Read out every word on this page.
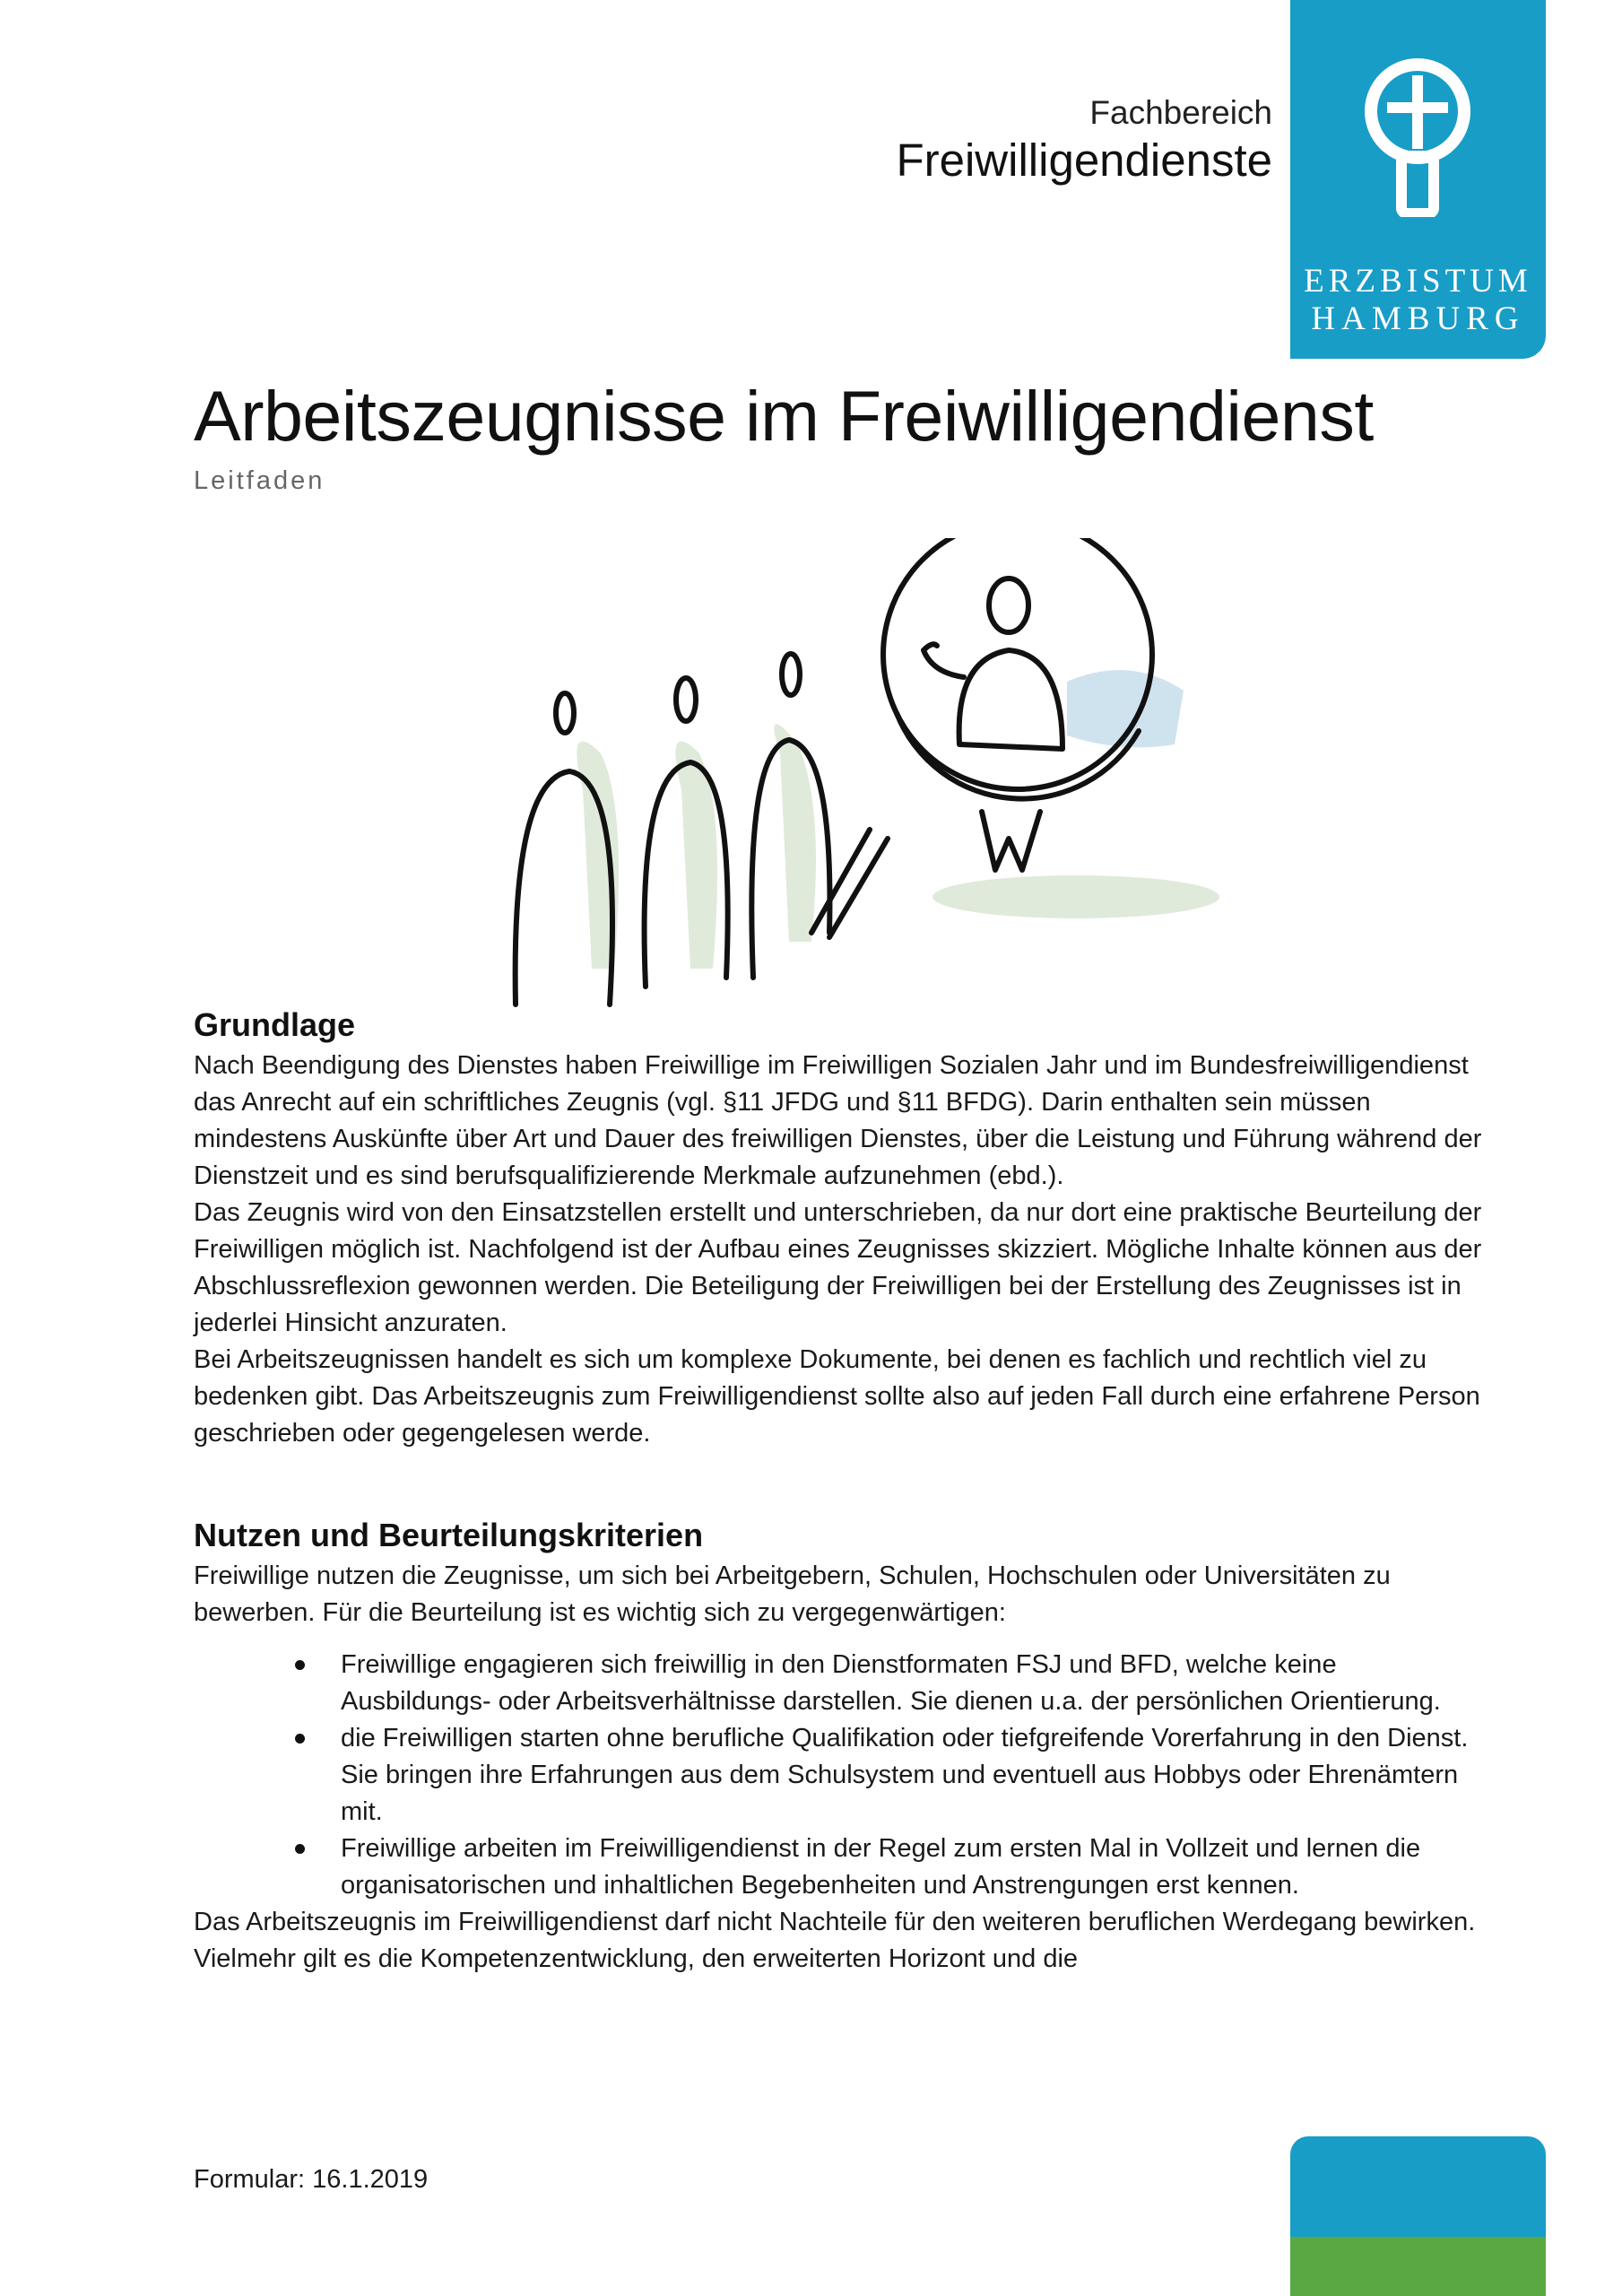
Fachbereich
Freiwilligendienste
ERZBISTUM
HAMBURG
Arbeitszeugnisse im Freiwilligendienst
Leitfaden
Grundlage

Nach Beendigung des Dienstes haben Freiwillige im Freiwilligen Sozialen Jahr und im Bundesfreiwilligendienst das Anrecht auf ein schriftliches Zeugnis (vgl. §11 JFDG und §11 BFDG). Darin enthalten sein müssen mindestens Auskünfte über Art und Dauer des freiwilligen Dienstes, über die Leistung und Führung während der Dienstzeit und es sind berufsqualifizierende Merkmale aufzunehmen (ebd.).

Das Zeugnis wird von den Einsatzstellen erstellt und unterschrieben, da nur dort eine praktische Beurteilung der Freiwilligen möglich ist. Nachfolgend ist der Aufbau eines Zeugnisses skizziert. Mögliche Inhalte können aus der Abschlussreflexion gewonnen werden. Die Beteiligung der Freiwilligen bei der Erstellung des Zeugnisses ist in jederlei Hinsicht anzuraten.

Bei Arbeitszeugnissen handelt es sich um komplexe Dokumente, bei denen es fachlich und rechtlich viel zu bedenken gibt. Das Arbeitszeugnis zum Freiwilligendienst sollte also auf jeden Fall durch eine erfahrene Person geschrieben oder gegengelesen werde.

Nutzen und Beurteilungskriterien

Freiwillige nutzen die Zeugnisse, um sich bei Arbeitgebern, Schulen, Hochschulen oder Universitäten zu bewerben. Für die Beurteilung ist es wichtig sich zu vergegenwärtigen:

Freiwillige engagieren sich freiwillig in den Dienstformaten FSJ und BFD, welche keine Ausbildungs- oder Arbeitsverhältnisse darstellen. Sie dienen u.a. der persönlichen Orientierung.
die Freiwilligen starten ohne berufliche Qualifikation oder tiefgreifende Vorerfahrung in den Dienst. Sie bringen ihre Erfahrungen aus dem Schulsystem und eventuell aus Hobbys oder Ehrenämtern mit.
Freiwillige arbeiten im Freiwilligendienst in der Regel zum ersten Mal in Vollzeit und lernen die organisatorischen und inhaltlichen Begebenheiten und Anstrengungen erst kennen.

Das Arbeitszeugnis im Freiwilligendienst darf nicht Nachteile für den weiteren beruflichen Werdegang bewirken. Vielmehr gilt es die Kompetenzentwicklung, den erweiterten Horizont und die

Formular: 16.1.2019
